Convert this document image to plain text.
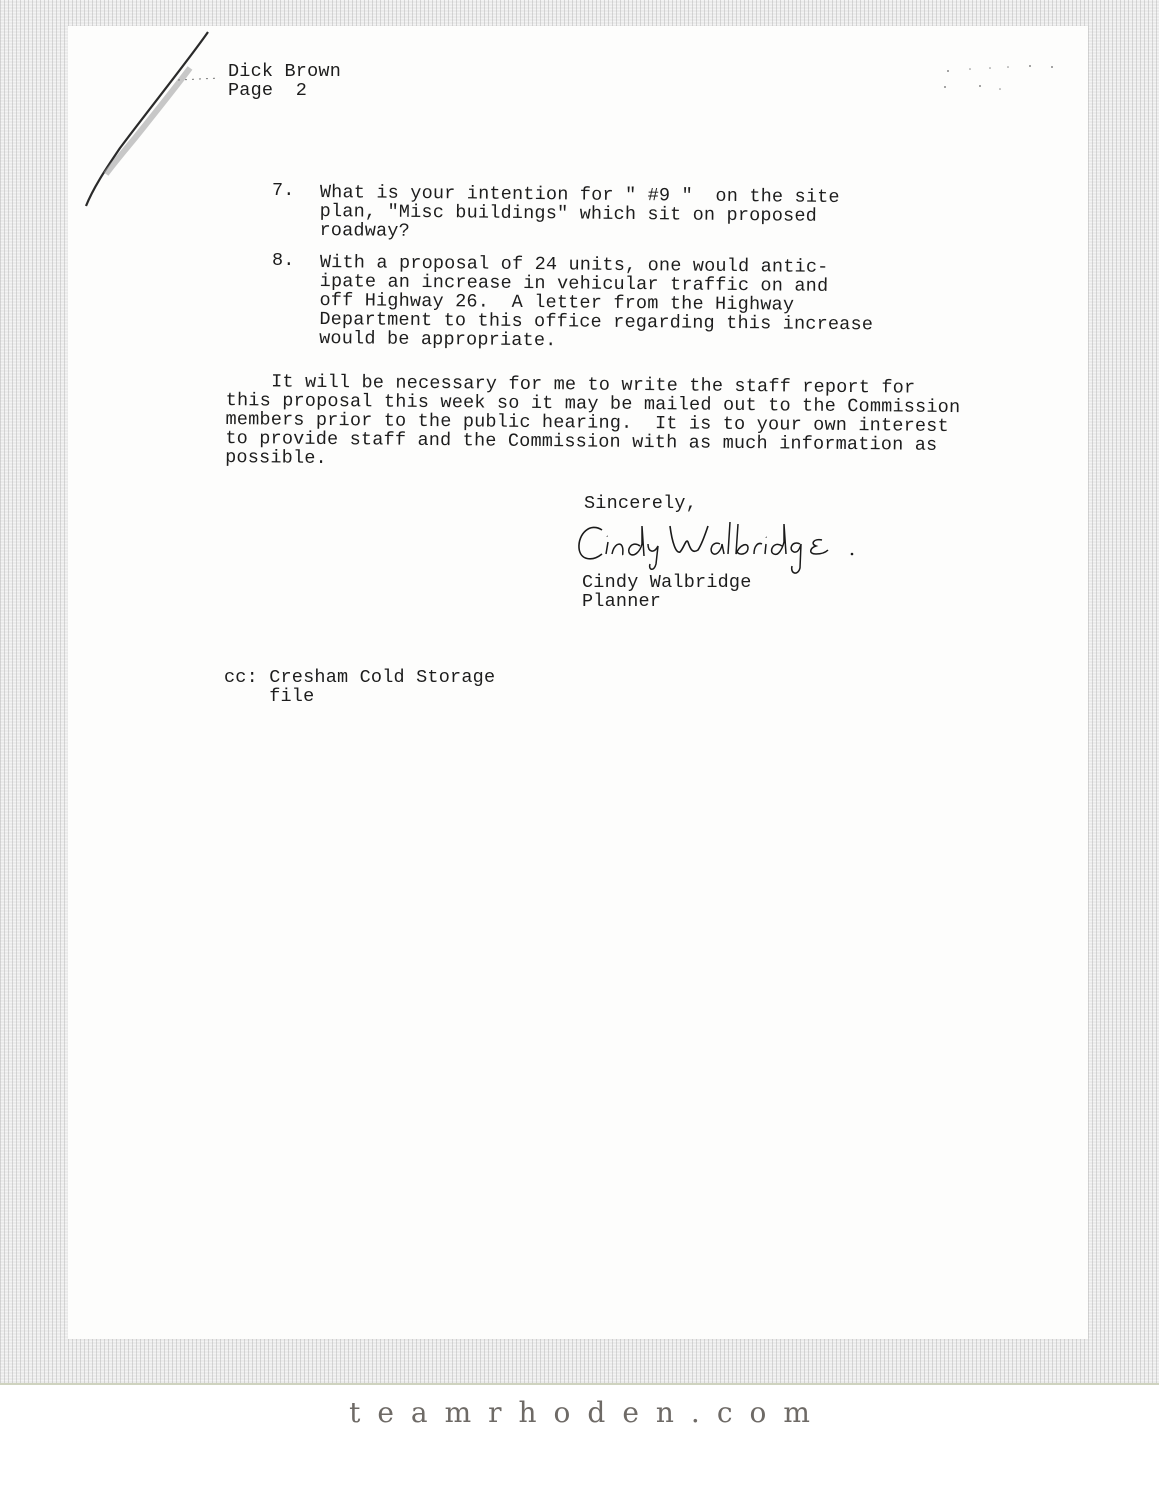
Dick Brown
Page  2
7. What is your intention for " #9 "  on the site
plan, "Misc buildings" which sit on proposed
roadway?
8. With a proposal of 24 units, one would antic-
ipate an increase in vehicular traffic on and
off Highway 26.  A letter from the Highway
Department to this office regarding this increase
would be appropriate.
It will be necessary for me to write the staff report for
this proposal this week so it may be mailed out to the Commission
members prior to the public hearing.  It is to your own interest
to provide staff and the Commission with as much information as
possible.
Sincerely,
Cindy Walbridge
Planner
cc: Cresham Cold Storage
file
teamrhoden.com
